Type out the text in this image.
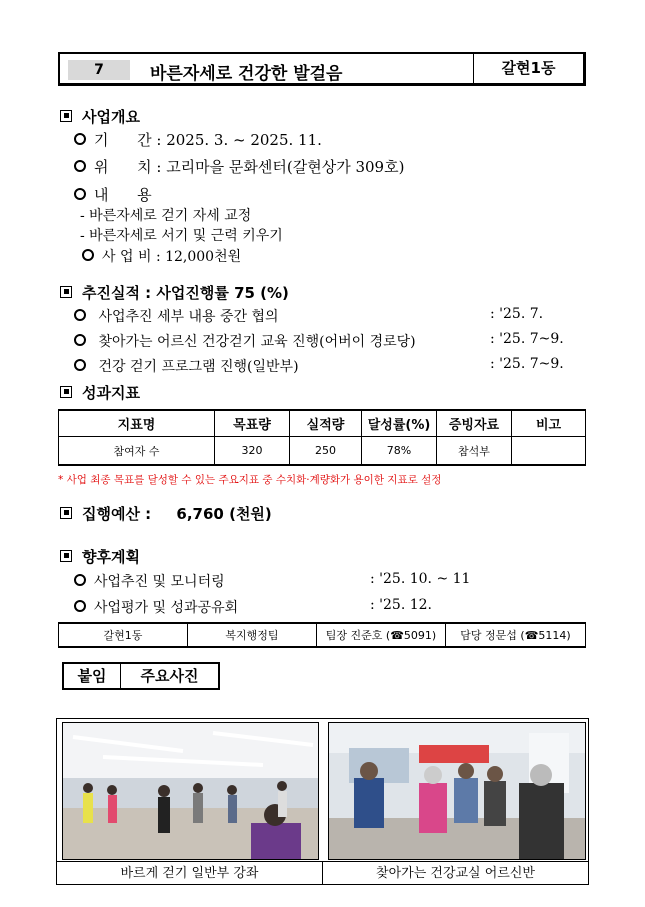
7	바른자세로 건강한 발걸음	갈현1동
사업개요
기      간 : 2025. 3. ~ 2025. 11.
위      치 : 고리마을 문화센터(갈현상가 309호)
내      용
- 바른자세로 걷기 자세 교정
- 바른자세로 서기 및 근력 키우기
사 업 비 : 12,000천원
추진실적 : 사업진행률 75 (%)
사업추진 세부 내용 중간 협의	: '25. 7.
찾아가는 어르신 건강걷기 교육 진행(어버이 경로당)	: '25. 7~9.
건강 걷기 프로그램 진행(일반부)	: '25. 7~9.
성과지표
지표명	목표량	실적량	달성률(%)	증빙자료	비고
참여자 수	320	250	78%	참석부	
* 사업 최종 목표를 달성할 수 있는 주요지표 중 수치화·계량화가 용이한 지표로 설정
집행예산 : 6,760 (천원)
향후계획
사업추진 및 모니터링	: '25. 10. ~ 11
사업평가 및 성과공유회	: '25. 12.
갈현1동	복지행정팀	팀장 진준호 (☎5091)	담당 정문섭 (☎5114)
붙임	주요사진
바르게 걷기 일반부 강좌	찾아가는 건강교실 어르신반
